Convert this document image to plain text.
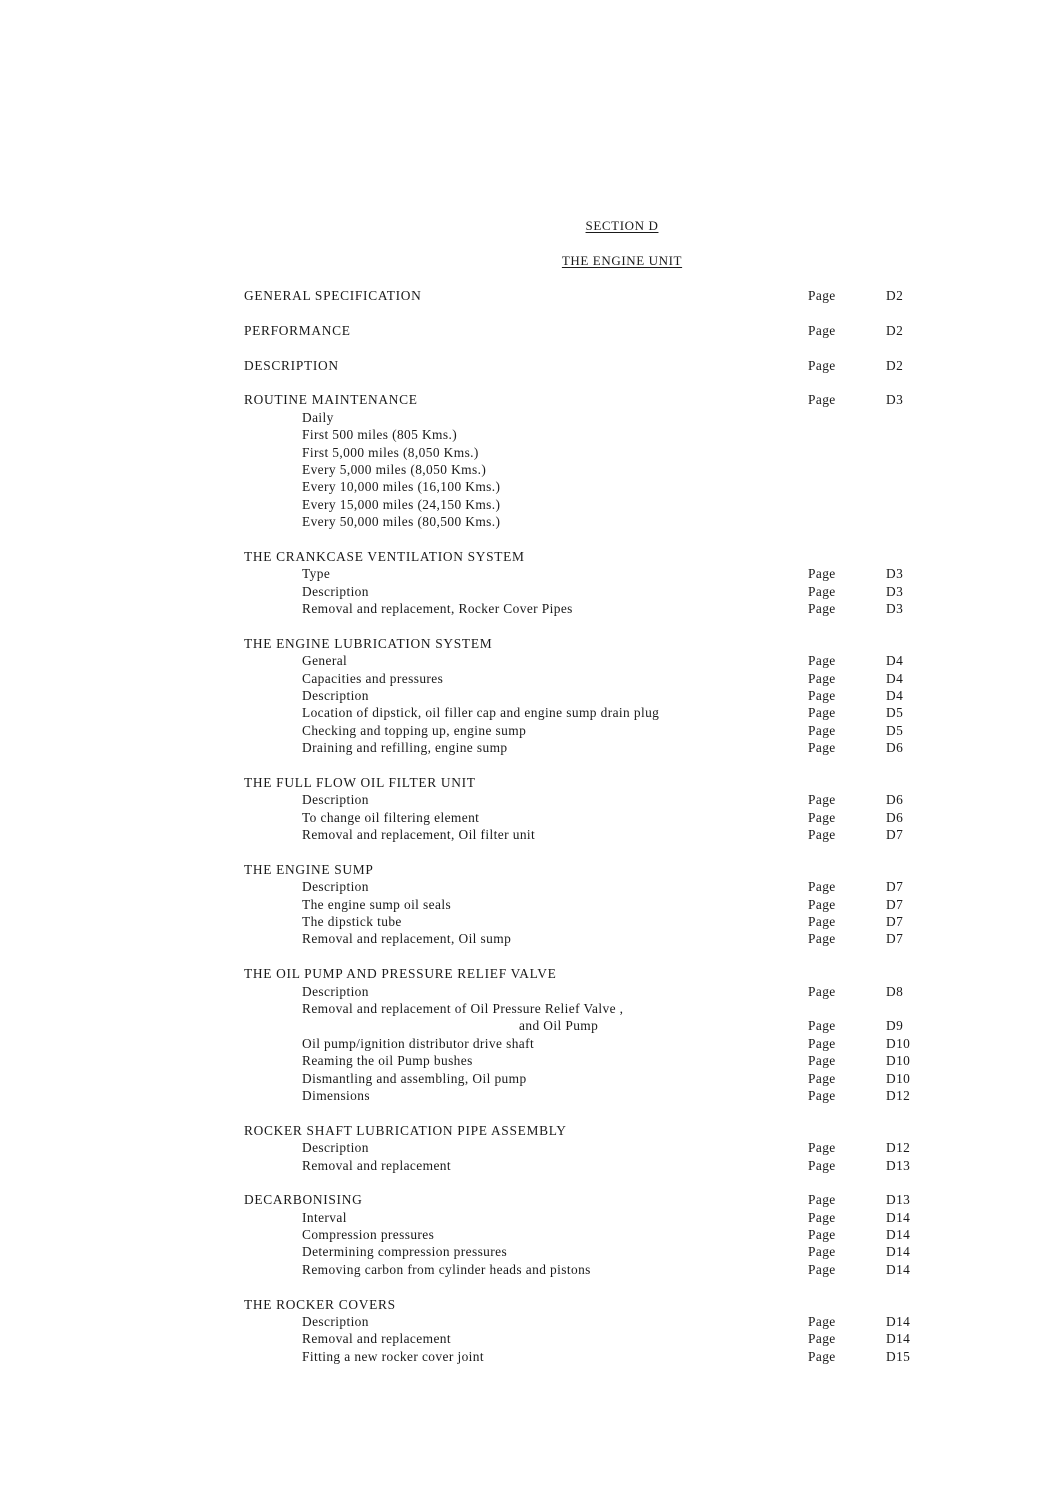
SECTION D
THE ENGINE UNIT
GENERAL SPECIFICATION	Page	D2
PERFORMANCE	Page	D2
DESCRIPTION	Page	D2
ROUTINE MAINTENANCE	Page	D3
Daily
First 500 miles (805 Kms.)
First 5,000 miles (8,050 Kms.)
Every 5,000 miles (8,050 Kms.)
Every 10,000 miles (16,100 Kms.)
Every 15,000 miles (24,150 Kms.)
Every 50,000 miles (80,500 Kms.)
THE CRANKCASE VENTILATION SYSTEM
Type	Page	D3
Description	Page	D3
Removal and replacement, Rocker Cover Pipes	Page	D3
THE ENGINE LUBRICATION SYSTEM
General	Page	D4
Capacities and pressures	Page	D4
Description	Page	D4
Location of dipstick, oil filler cap and engine sump drain plug	Page	D5
Checking and topping up, engine sump	Page	D5
Draining and refilling, engine sump	Page	D6
THE FULL FLOW OIL FILTER UNIT
Description	Page	D6
To change oil filtering element	Page	D6
Removal and replacement, Oil filter unit	Page	D7
THE ENGINE SUMP
Description	Page	D7
The engine sump oil seals	Page	D7
The dipstick tube	Page	D7
Removal and replacement, Oil sump	Page	D7
THE OIL PUMP AND PRESSURE RELIEF VALVE
Description	Page	D8
Removal and replacement of Oil Pressure Relief Valve ,
and Oil Pump	Page	D9
Oil pump/ignition distributor drive shaft	Page	D10
Reaming the oil Pump bushes	Page	D10
Dismantling and assembling, Oil pump	Page	D10
Dimensions	Page	D12
ROCKER SHAFT LUBRICATION PIPE ASSEMBLY
Description	Page	D12
Removal and replacement	Page	D13
DECARBONISING	Page	D13
Interval	Page	D14
Compression pressures	Page	D14
Determining compression pressures	Page	D14
Removing carbon from cylinder heads and pistons	Page	D14
THE ROCKER COVERS
Description	Page	D14
Removal and replacement	Page	D14
Fitting a new rocker cover joint	Page	D15
